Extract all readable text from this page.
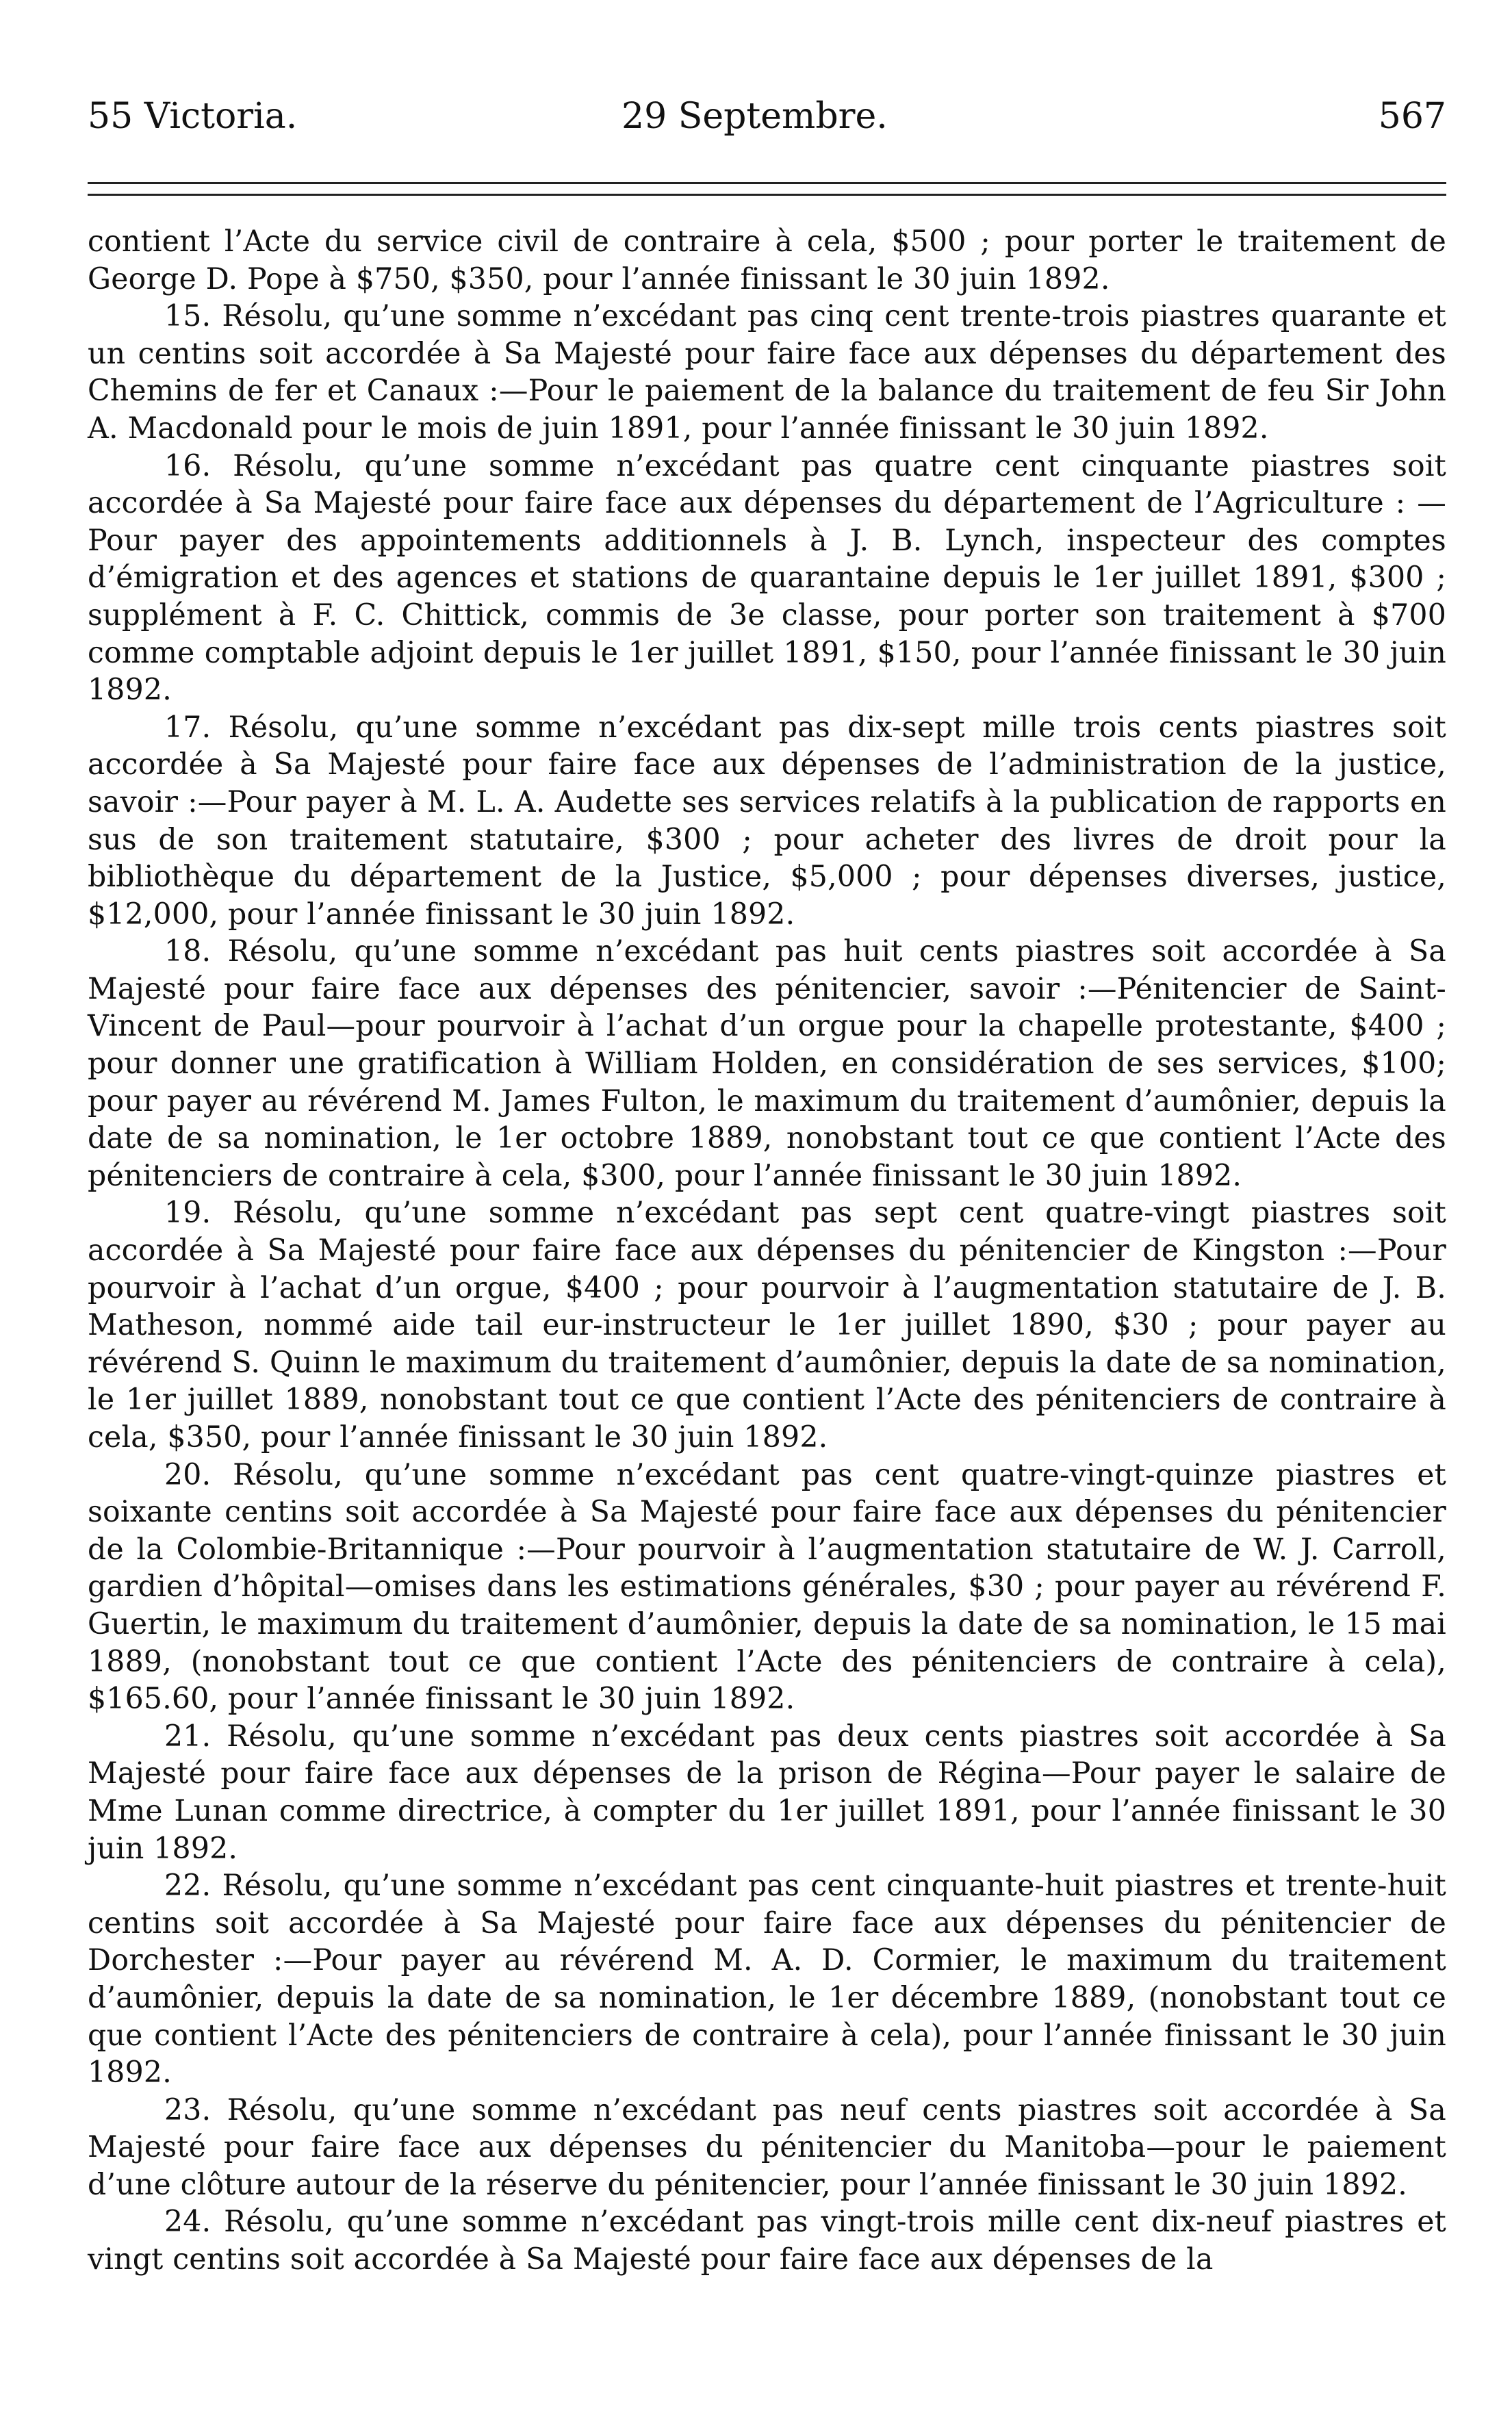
55 Victoria.	29 Septembre.	567

contient l’Acte du service civil de contraire à cela, $500 ; pour porter le traitement de George D. Pope à $750, $350, pour l’année finissant le 30 juin 1892.

15. Résolu, qu’une somme n’excédant pas cinq cent trente-trois piastres quarante et un centins soit accordée à Sa Majesté pour faire face aux dépenses du département des Chemins de fer et Canaux :—Pour le paiement de la balance du traitement de feu Sir John A. Macdonald pour le mois de juin 1891, pour l’année finissant le 30 juin 1892.

16. Résolu, qu’une somme n’excédant pas quatre cent cinquante piastres soit accordée à Sa Majesté pour faire face aux dépenses du département de l’Agriculture : —Pour payer des appointements additionnels à J. B. Lynch, inspecteur des comptes d’émigration et des agences et stations de quarantaine depuis le 1er juillet 1891, $300 ; supplément à F. C. Chittick, commis de 3e classe, pour porter son traitement à $700 comme comptable adjoint depuis le 1er juillet 1891, $150, pour l’année finissant le 30 juin 1892.

17. Résolu, qu’une somme n’excédant pas dix-sept mille trois cents piastres soit accordée à Sa Majesté pour faire face aux dépenses de l’administration de la justice, savoir :—Pour payer à M. L. A. Audette ses services relatifs à la publication de rapports en sus de son traitement statutaire, $300 ; pour acheter des livres de droit pour la bibliothèque du département de la Justice, $5,000 ; pour dépenses diverses, justice, $12,000, pour l’année finissant le 30 juin 1892.

18. Résolu, qu’une somme n’excédant pas huit cents piastres soit accordée à Sa Majesté pour faire face aux dépenses des pénitencier, savoir :—Pénitencier de Saint-Vincent de Paul—pour pourvoir à l’achat d’un orgue pour la chapelle protestante, $400 ; pour donner une gratification à William Holden, en considération de ses services, $100; pour payer au révérend M. James Fulton, le maximum du traitement d’aumônier, depuis la date de sa nomination, le 1er octobre 1889, nonobstant tout ce que contient l’Acte des pénitenciers de contraire à cela, $300, pour l’année finissant le 30 juin 1892.

19. Résolu, qu’une somme n’excédant pas sept cent quatre-vingt piastres soit accordée à Sa Majesté pour faire face aux dépenses du pénitencier de Kingston :—Pour pourvoir à l’achat d’un orgue, $400 ; pour pourvoir à l’augmentation statutaire de J. B. Matheson, nommé aide tail eur-instructeur le 1er juillet 1890, $30 ; pour payer au révérend S. Quinn le maximum du traitement d’aumônier, depuis la date de sa nomination, le 1er juillet 1889, nonobstant tout ce que contient l’Acte des pénitenciers de contraire à cela, $350, pour l’année finissant le 30 juin 1892.

20. Résolu, qu’une somme n’excédant pas cent quatre-vingt-quinze piastres et soixante centins soit accordée à Sa Majesté pour faire face aux dépenses du pénitencier de la Colombie-Britannique :—Pour pourvoir à l’augmentation statutaire de W. J. Carroll, gardien d’hôpital—omises dans les estimations générales, $30 ; pour payer au révérend F. Guertin, le maximum du traitement d’aumônier, depuis la date de sa nomination, le 15 mai 1889, (nonobstant tout ce que contient l’Acte des pénitenciers de contraire à cela), $165.60, pour l’année finissant le 30 juin 1892.

21. Résolu, qu’une somme n’excédant pas deux cents piastres soit accordée à Sa Majesté pour faire face aux dépenses de la prison de Régina—Pour payer le salaire de Mme Lunan comme directrice, à compter du 1er juillet 1891, pour l’année finissant le 30 juin 1892.

22. Résolu, qu’une somme n’excédant pas cent cinquante-huit piastres et trente-huit centins soit accordée à Sa Majesté pour faire face aux dépenses du pénitencier de Dorchester :—Pour payer au révérend M. A. D. Cormier, le maximum du traitement d’aumônier, depuis la date de sa nomination, le 1er décembre 1889, (nonobstant tout ce que contient l’Acte des pénitenciers de contraire à cela), pour l’année finissant le 30 juin 1892.

23. Résolu, qu’une somme n’excédant pas neuf cents piastres soit accordée à Sa Majesté pour faire face aux dépenses du pénitencier du Manitoba—pour le paiement d’une clôture autour de la réserve du pénitencier, pour l’année finissant le 30 juin 1892.

24. Résolu, qu’une somme n’excédant pas vingt-trois mille cent dix-neuf piastres et vingt centins soit accordée à Sa Majesté pour faire face aux dépenses de la
